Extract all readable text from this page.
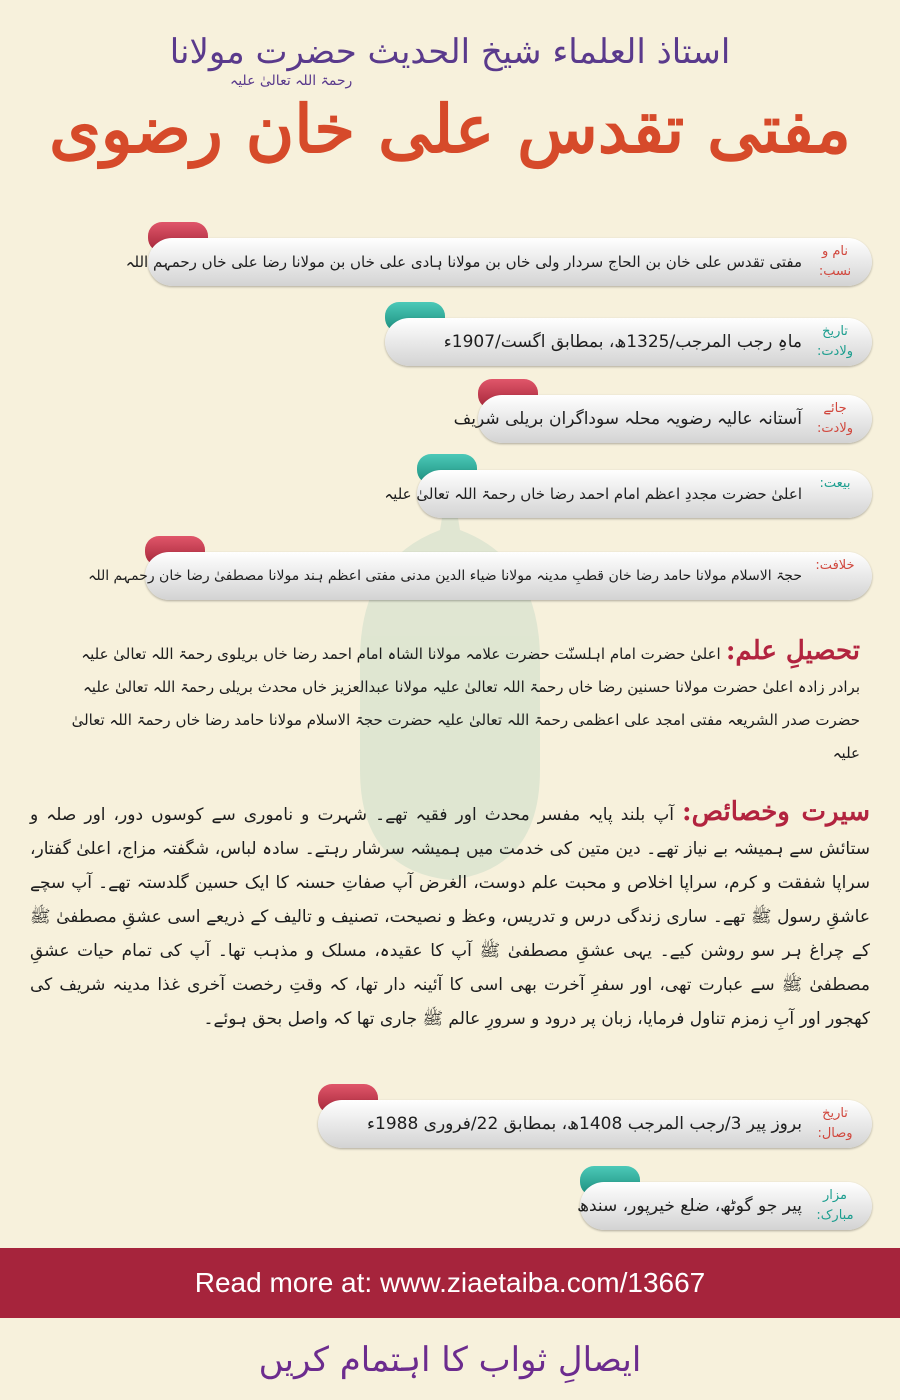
استاذ العلماء شیخ الحدیث حضرت مولانا
مفتی تقدس علی خان رضوی
رحمۃ اللہ تعالیٰ علیہ
نام و نسب:
مفتی تقدس علی خان بن الحاج سردار ولی خاں بن مولانا ہادی علی خاں بن مولانا رضا علی خاں رحمہم اللہ
تاریخ ولادت:
ماہِ رجب المرجب/1325ھ، بمطابق اگست/1907ء
جائے ولادت:
آستانہ عالیہ رضویہ محلہ سوداگران بریلی شریف
بیعت:
اعلیٰ حضرت مجددِ اعظم امام احمد رضا خاں رحمۃ اللہ تعالیٰ علیہ
خلافت:
حجۃ الاسلام مولانا حامد رضا خان قطبِ مدینہ مولانا ضیاء الدین مدنی مفتی اعظم ہند مولانا مصطفیٰ رضا خان رحمہم اللہ
تحصیلِ علم: اعلیٰ حضرت امام اہلسنّت حضرت علامہ مولانا الشاہ امام احمد رضا خاں بریلوی رحمۃ اللہ تعالیٰ علیہ
برادر زادہ اعلیٰ حضرت مولانا حسنین رضا خاں رحمۃ اللہ تعالیٰ علیہ مولانا عبدالعزیز خاں محدث بریلی رحمۃ اللہ تعالیٰ علیہ
حضرت صدر الشریعہ مفتی امجد علی اعظمی رحمۃ اللہ تعالیٰ علیہ حضرت حجۃ الاسلام مولانا حامد رضا خاں رحمۃ اللہ تعالیٰ علیہ
سیرت وخصائص: آپ بلند پایہ مفسر محدث اور فقیہ تھے۔ شہرت و ناموری سے کوسوں دور، اور صلہ و ستائش سے ہمیشہ بے نیاز تھے۔ دین متین کی خدمت میں ہمیشہ سرشار رہتے۔ سادہ لباس، شگفتہ مزاج، اعلیٰ گفتار، سراپا شفقت و کرم، سراپا اخلاص و محبت علم دوست، الغرض آپ صفاتِ حسنہ کا ایک حسین گلدستہ تھے۔ آپ سچے عاشقِ رسول ﷺ تھے۔ ساری زندگی درس و تدریس، وعظ و نصیحت، تصنیف و تالیف کے ذریعے اسی عشقِ مصطفیٰ ﷺ کے چراغ ہر سو روشن کیے۔ یہی عشقِ مصطفیٰ ﷺ آپ کا عقیدہ، مسلک و مذہب تھا۔ آپ کی تمام حیات عشقِ مصطفیٰ ﷺ سے عبارت تھی، اور سفرِ آخرت بھی اسی کا آئینہ دار تھا، کہ وقتِ رخصت آخری غذا مدینہ شریف کی کھجور اور آبِ زمزم تناول فرمایا، زبان پر درود و سرورِ عالم ﷺ جاری تھا کہ واصل بحق ہوئے۔
تاریخ وصال:
بروز پیر 3/رجب المرجب 1408ھ، بمطابق 22/فروری 1988ء
مزار مبارک:
پیر جو گوٹھ، ضلع خیرپور، سندھ
Read more at: www.ziaetaiba.com/13667
ایصالِ ثواب کا اہتمام کریں
